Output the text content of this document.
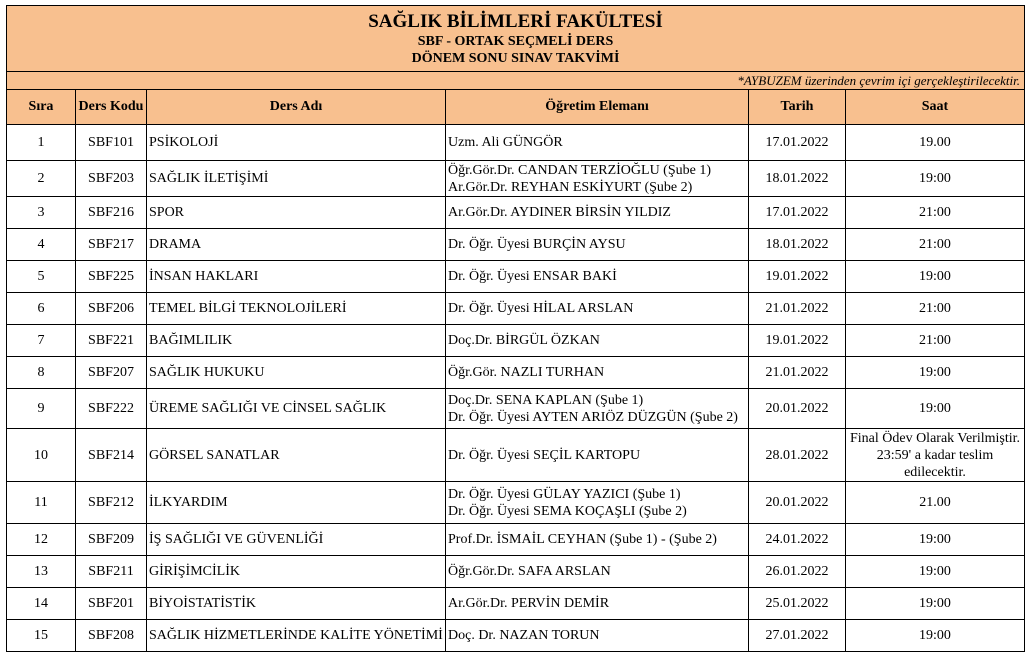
SAĞLIK BİLİMLERİ FAKÜLTESİ
SBF - ORTAK SEÇMELİ DERS
DÖNEM SONU SINAV TAKVİMİ					

*AYBUZEM üzerinden çevrim içi gerçekleştirilecektir.					
Sıra	Ders Kodu	Ders Adı	Öğretim Elemanı	Tarih	Saat
1	SBF101	PSİKOLOJİ	Uzm. Ali GÜNGÖR	17.01.2022	19.00

2	SBF203	SAĞLIK İLETİŞİMİ	Öğr.Gör.Dr. CANDAN TERZİOĞLU (Şube 1)
Ar.Gör.Dr. REYHAN ESKİYURT (Şube 2)	18.01.2022	19:00

3	SBF216	SPOR	Ar.Gör.Dr. AYDINER BİRSİN YILDIZ	17.01.2022	21:00

4	SBF217	DRAMA	Dr. Öğr. Üyesi BURÇİN AYSU	18.01.2022	21:00

5	SBF225	İNSAN HAKLARI	Dr. Öğr. Üyesi ENSAR BAKİ	19.01.2022	19:00

6	SBF206	TEMEL BİLGİ TEKNOLOJİLERİ	Dr. Öğr. Üyesi HİLAL ARSLAN	21.01.2022	21:00

7	SBF221	BAĞIMLILIK	Doç.Dr. BİRGÜL ÖZKAN	19.01.2022	21:00

8	SBF207	SAĞLIK HUKUKU	Öğr.Gör. NAZLI TURHAN	21.01.2022	19:00

9	SBF222	ÜREME SAĞLIĞI VE CİNSEL SAĞLIK	Doç.Dr. SENA KAPLAN (Şube 1)
Dr. Öğr. Üyesi AYTEN ARIÖZ DÜZGÜN (Şube 2)	20.01.2022	19:00

10	SBF214	GÖRSEL SANATLAR	Dr. Öğr. Üyesi SEÇİL KARTOPU	28.01.2022	Final Ödev Olarak Verilmiştir.
23:59' a kadar teslim
edilecektir.

11	SBF212	İLKYARDIM	Dr. Öğr. Üyesi GÜLAY YAZICI (Şube 1)
Dr. Öğr. Üyesi SEMA KOÇAŞLI (Şube 2)	20.01.2022	21.00

12	SBF209	İŞ SAĞLIĞI VE GÜVENLİĞİ	Prof.Dr. İSMAİL CEYHAN (Şube 1) - (Şube 2)	24.01.2022	19:00

13	SBF211	GİRİŞİMCİLİK	Öğr.Gör.Dr. SAFA ARSLAN	26.01.2022	19:00

14	SBF201	BİYOİSTATİSTİK	Ar.Gör.Dr. PERVİN DEMİR	25.01.2022	19:00

15	SBF208	SAĞLIK HİZMETLERİNDE KALİTE YÖNETİMİ	Doç. Dr. NAZAN TORUN	27.01.2022	19:00
